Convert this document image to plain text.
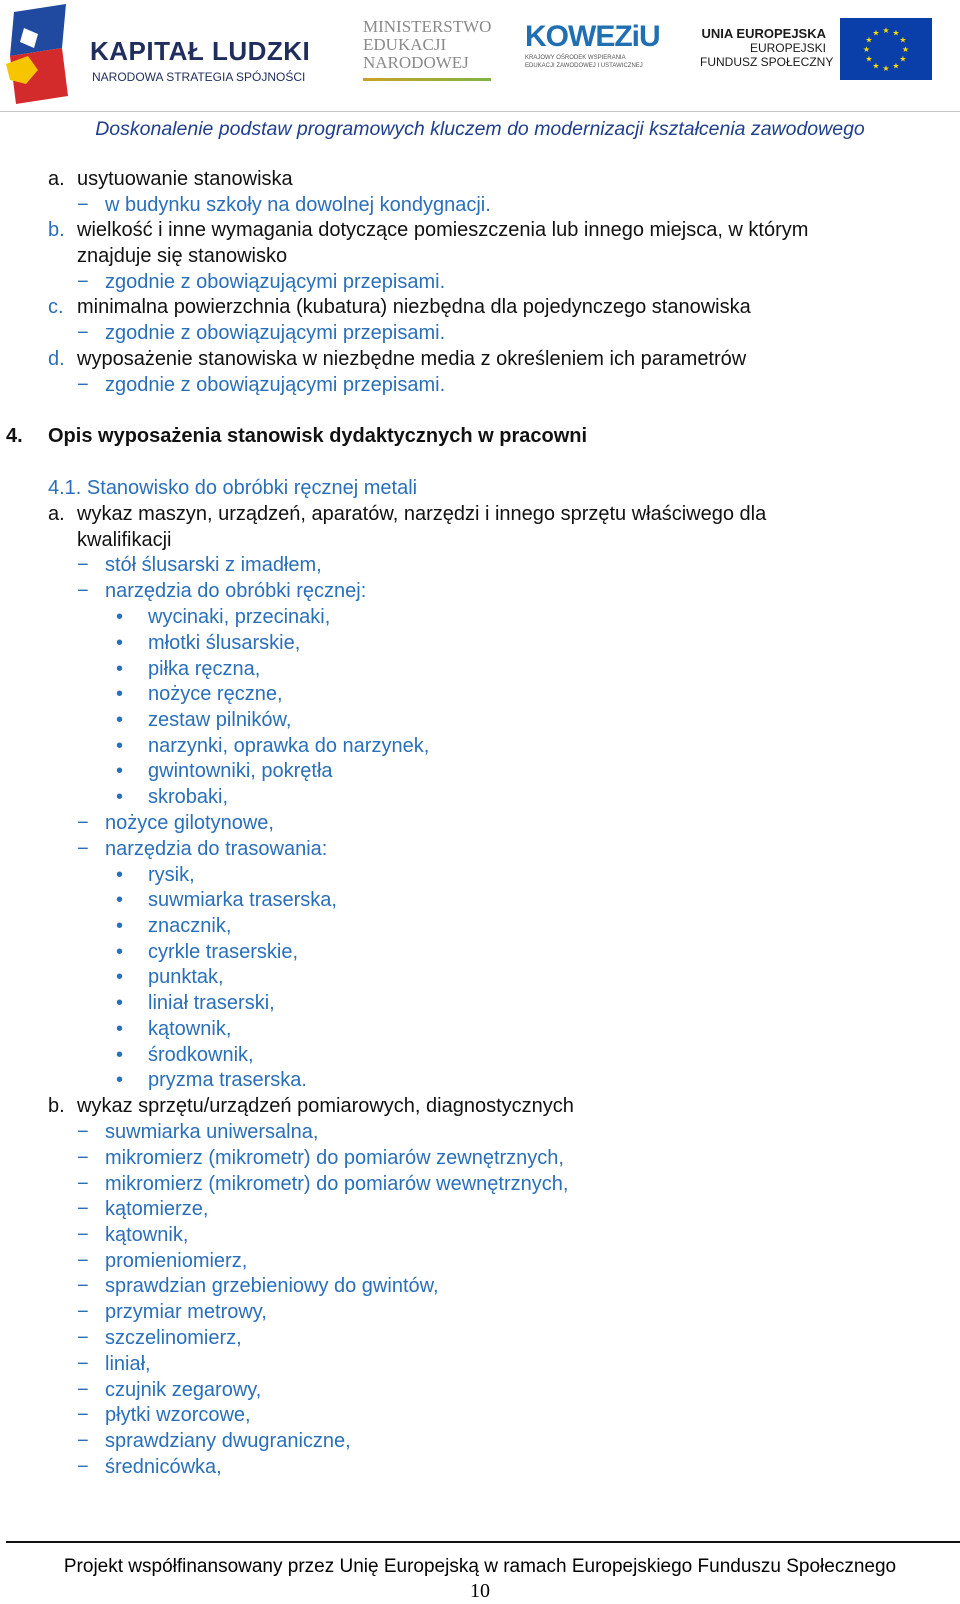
KAPITAŁ LUDZKI
NARODOWA STRATEGIA SPÓJNOŚCI
MINISTERSTWO
EDUKACJI
NARODOWEJ
KOWEZiU
KRAJOWY OŚRODEK WSPIERANIA
EDUKACJI ZAWODOWEJ I USTAWICZNEJ
UNIA EUROPEJSKA
EUROPEJSKI
FUNDUSZ SPOŁECZNY
★ ★
★
★
★
★
★
★
★
★
★
★
Doskonalenie podstaw programowych kluczem do modernizacji kształcenia zawodowego
a. usytuowanie stanowiska
− w budynku szkoły na dowolnej kondygnacji.
b. wielkość i inne wymagania dotyczące pomieszczenia lub innego miejsca, w którym
znajduje się stanowisko
− zgodnie z obowiązującymi przepisami.
c. minimalna powierzchnia (kubatura) niezbędna dla pojedynczego stanowiska
− zgodnie z obowiązującymi przepisami.
d. wyposażenie stanowiska w niezbędne media z określeniem ich parametrów
− zgodnie z obowiązującymi przepisami.
4. Opis wyposażenia stanowisk dydaktycznych w pracowni
4.1. Stanowisko do obróbki ręcznej metali
a. wykaz maszyn, urządzeń, aparatów, narzędzi i innego sprzętu właściwego dla
kwalifikacji
− stół ślusarski z imadłem,
− narzędzia do obróbki ręcznej:
• wycinaki, przecinaki,
• młotki ślusarskie,
• piłka ręczna,
• nożyce ręczne,
• zestaw pilników,
• narzynki, oprawka do narzynek,
• gwintowniki, pokrętła
• skrobaki,
− nożyce gilotynowe,
− narzędzia do trasowania:
• rysik,
• suwmiarka traserska,
• znacznik,
• cyrkle traserskie,
• punktak,
• liniał traserski,
• kątownik,
• środkownik,
• pryzma traserska.
b. wykaz sprzętu/urządzeń pomiarowych, diagnostycznych
− suwmiarka uniwersalna,
− mikromierz (mikrometr) do pomiarów zewnętrznych,
− mikromierz (mikrometr) do pomiarów wewnętrznych,
− kątomierze,
− kątownik,
− promieniomierz,
− sprawdzian grzebieniowy do gwintów,
− przymiar metrowy,
− szczelinomierz,
− liniał,
− czujnik zegarowy,
− płytki wzorcowe,
− sprawdziany dwugraniczne,
− średnicówka,
Projekt współfinansowany przez Unię Europejską w ramach Europejskiego Funduszu Społecznego
10
